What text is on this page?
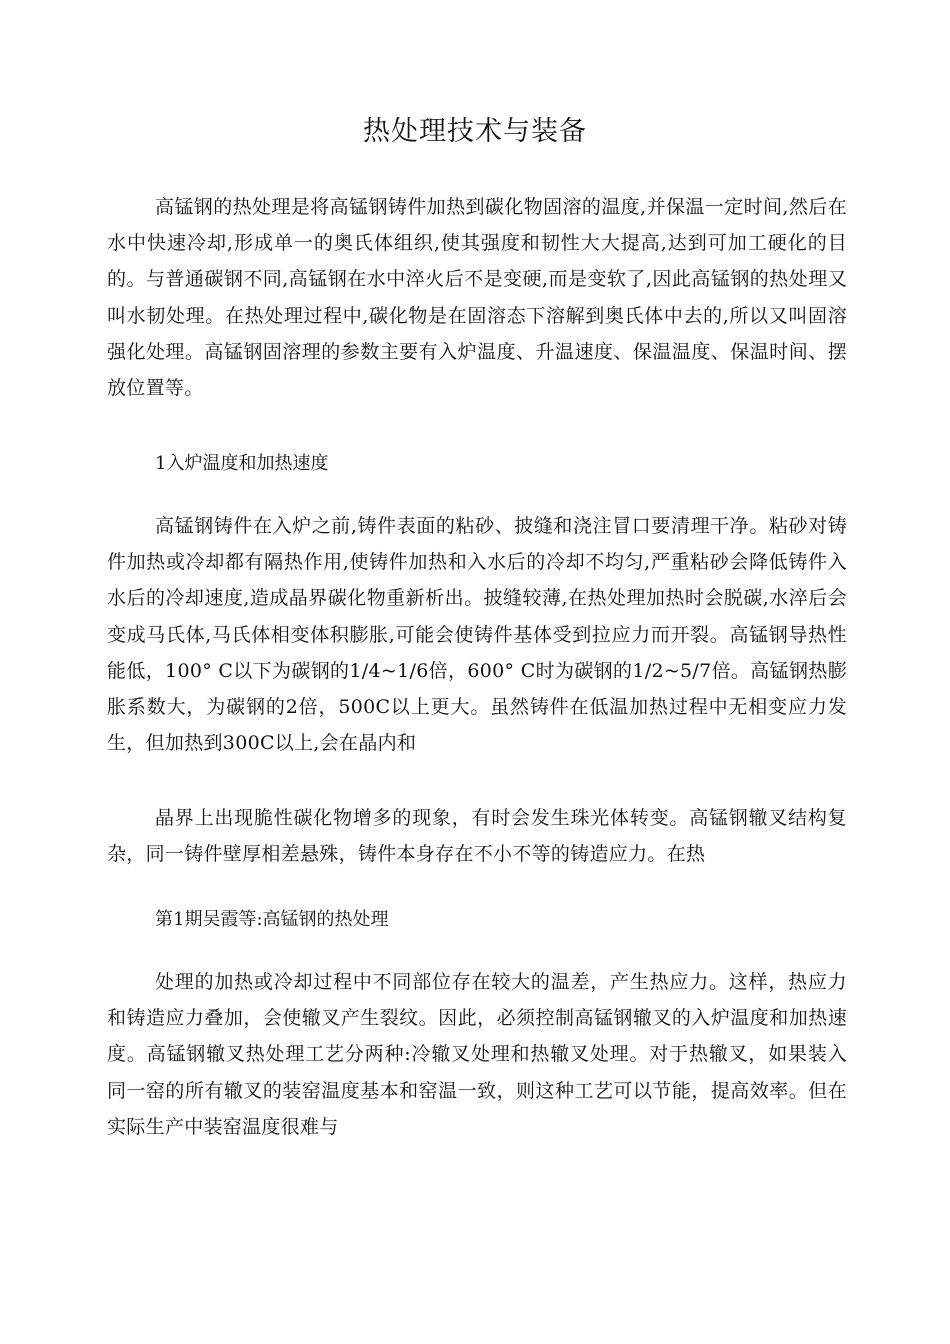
热处理技术与装备

高锰钢的热处理是将高锰钢铸件加热到碳化物固溶的温度,并保温一定时间,然后在水中快速冷却,形成单一的奥氏体组织,使其强度和韧性大大提高,达到可加工硬化的目的。与普通碳钢不同,高锰钢在水中淬火后不是变硬,而是变软了,因此高锰钢的热处理又叫水韧处理。在热处理过程中,碳化物是在固溶态下溶解到奥氏体中去的,所以又叫固溶强化处理。高锰钢固溶理的参数主要有入炉温度、升温速度、保温温度、保温时间、摆放位置等。

1入炉温度和加热速度

高锰钢铸件在入炉之前,铸件表面的粘砂、披缝和浇注冒口要清理干净。粘砂对铸件加热或冷却都有隔热作用,使铸件加热和入水后的冷却不均匀,严重粘砂会降低铸件入水后的冷却速度,造成晶界碳化物重新析出。披缝较薄,在热处理加热时会脱碳,水淬后会变成马氏体,马氏体相变体积膨胀,可能会使铸件基体受到拉应力而开裂。高锰钢导热性能低，100° C以下为碳钢的1/4~1/6倍，600° C时为碳钢的1/2~5/7倍。高锰钢热膨胀系数大，为碳钢的2倍，500C以上更大。虽然铸件在低温加热过程中无相变应力发生，但加热到300C以上,会在晶内和

晶界上出现脆性碳化物增多的现象，有时会发生珠光体转变。高锰钢辙叉结构复杂，同一铸件壁厚相差悬殊，铸件本身存在不小不等的铸造应力。在热

第1期吴霞等:高锰钢的热处理

处理的加热或冷却过程中不同部位存在较大的温差，产生热应力。这样，热应力和铸造应力叠加，会使辙叉产生裂纹。因此，必须控制高锰钢辙叉的入炉温度和加热速度。高锰钢辙叉热处理工艺分两种:冷辙叉处理和热辙叉处理。对于热辙叉，如果装入同一窑的所有辙叉的装窑温度基本和窑温一致，则这种工艺可以节能，提高效率。但在实际生产中装窑温度很难与
